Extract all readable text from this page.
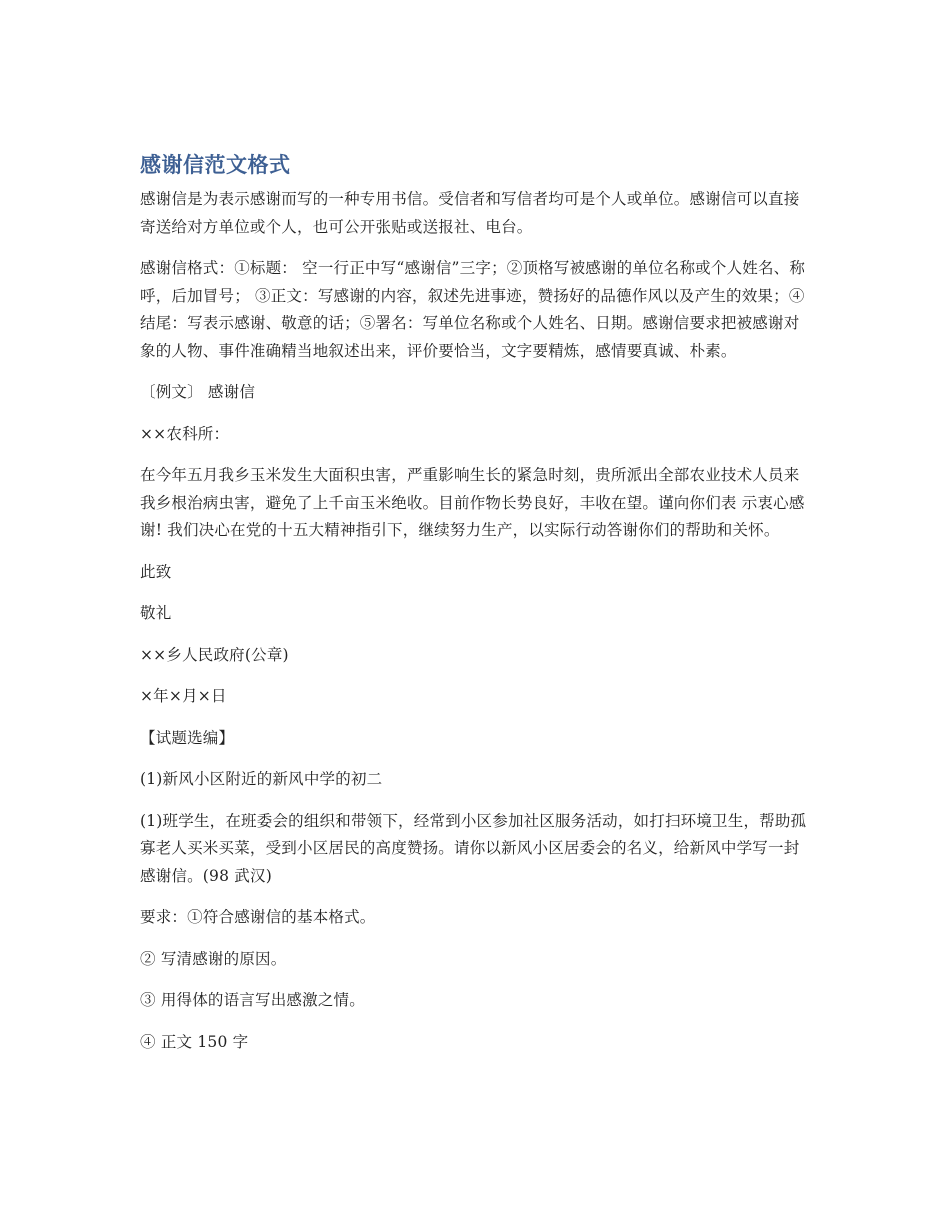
感谢信范文格式

感谢信是为表示感谢而写的一种专用书信。受信者和写信者均可是个人或单位。感谢信可以直接寄送给对方单位或个人，也可公开张贴或送报社、电台。

感谢信格式：①标题： 空一行正中写“感谢信”三字；②顶格写被感谢的单位名称或个人姓名、称呼，后加冒号； ③正文：写感谢的内容，叙述先进事迹，赞扬好的品德作风以及产生的效果；④结尾：写表示感谢、敬意的话；⑤署名：写单位名称或个人姓名、日期。感谢信要求把被感谢对象的人物、事件准确精当地叙述出来，评价要恰当，文字要精炼，感情要真诚、朴素。

〔例文〕 感谢信

××农科所：

在今年五月我乡玉米发生大面积虫害，严重影响生长的紧急时刻，贵所派出全部农业技术人员来我乡根治病虫害，避免了上千亩玉米绝收。目前作物长势良好，丰收在望。谨向你们表 示衷心感谢! 我们决心在党的十五大精神指引下，继续努力生产，以实际行动答谢你们的帮助和关怀。

此致

敬礼

××乡人民政府(公章)

×年×月×日

【试题选编】

(1)新风小区附近的新风中学的初二

(1)班学生，在班委会的组织和带领下，经常到小区参加社区服务活动，如打扫环境卫生，帮助孤寡老人买米买菜，受到小区居民的高度赞扬。请你以新风小区居委会的名义，给新风中学写一封感谢信。(98 武汉)

要求：①符合感谢信的基本格式。

② 写清感谢的原因。

③ 用得体的语言写出感激之情。

④ 正文 150 字
